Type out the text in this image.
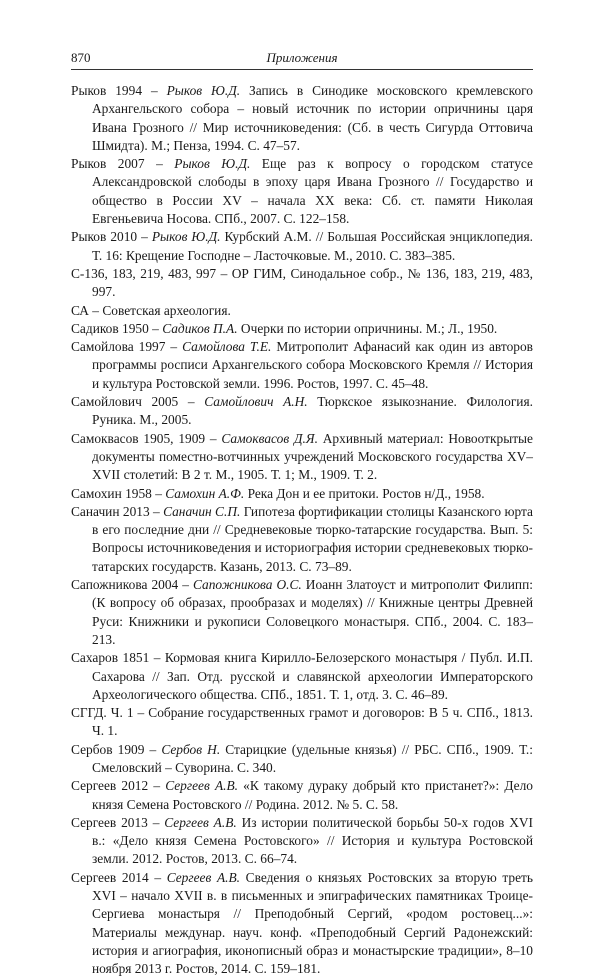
870	Приложения

Рыков 1994 – Рыков Ю.Д. Запись в Синодике московского кремлевского Архангельского собора – новый источник по истории опричнины царя Ивана Грозного // Мир источниковедения: (Сб. в честь Сигурда Оттовича Шмидта). М.; Пенза, 1994. С. 47–57.

Рыков 2007 – Рыков Ю.Д. Еще раз к вопросу о городском статусе Александровской слободы в эпоху царя Ивана Грозного // Государство и общество в России XV – начала XX века: Сб. ст. памяти Николая Евгеньевича Носова. СПб., 2007. С. 122–158.

Рыков 2010 – Рыков Ю.Д. Курбский А.М. // Большая Российская энциклопедия. Т. 16: Крещение Господне – Ласточковые. М., 2010. С. 383–385.

С-136, 183, 219, 483, 997 – ОР ГИМ, Синодальное собр., № 136, 183, 219, 483, 997.

СА – Советская археология.

Садиков 1950 – Садиков П.А. Очерки по истории опричнины. М.; Л., 1950.

Самойлова 1997 – Самойлова Т.Е. Митрополит Афанасий как один из авторов программы росписи Архангельского собора Московского Кремля // История и культура Ростовской земли. 1996. Ростов, 1997. С. 45–48.

Самойлович 2005 – Самойлович А.Н. Тюркское языкознание. Филология. Руника. М., 2005.

Самоквасов 1905, 1909 – Самоквасов Д.Я. Архивный материал: Новооткрытые документы поместно-вотчинных учреждений Московского государства XV–XVII столетий: В 2 т. М., 1905. Т. 1; М., 1909. Т. 2.

Самохин 1958 – Самохин А.Ф. Река Дон и ее притоки. Ростов н/Д., 1958.

Саначин 2013 – Саначин С.П. Гипотеза фортификации столицы Казанского юрта в его последние дни // Средневековые тюрко-татарские государства. Вып. 5: Вопросы источниковедения и историография истории средневековых тюрко-татарских государств. Казань, 2013. С. 73–89.

Сапожникова 2004 – Сапожникова О.С. Иоанн Златоуст и митрополит Филипп: (К вопросу об образах, прообразах и моделях) // Книжные центры Древней Руси: Книжники и рукописи Соловецкого монастыря. СПб., 2004. С. 183–213.

Сахаров 1851 – Кормовая книга Кирилло-Белозерского монастыря / Публ. И.П. Сахарова // Зап. Отд. русской и славянской археологии Императорского Археологического общества. СПб., 1851. Т. 1, отд. 3. С. 46–89.

СГГД. Ч. 1 – Собрание государственных грамот и договоров: В 5 ч. СПб., 1813. Ч. 1.

Сербов 1909 – Сербов Н. Старицкие (удельные князья) // РБС. СПб., 1909. Т.: Смеловский – Суворина. С. 340.

Сергеев 2012 – Сергеев А.В. «К такому дураку добрый кто пристанет?»: Дело князя Семена Ростовского // Родина. 2012. № 5. С. 58.

Сергеев 2013 – Сергеев А.В. Из истории политической борьбы 50-х годов XVI в.: «Дело князя Семена Ростовского» // История и культура Ростовской земли. 2012. Ростов, 2013. С. 66–74.

Сергеев 2014 – Сергеев А.В. Сведения о князьях Ростовских за вторую треть XVI – начало XVII в. в письменных и эпиграфических памятниках Троице-Сергиева монастыря // Преподобный Сергий, «родом ростовец...»: Материалы междунар. науч. конф. «Преподобный Сергий Радонежский: история и агиография, иконописный образ и монастырские традиции», 8–10 ноября 2013 г. Ростов, 2014. С. 159–181.
